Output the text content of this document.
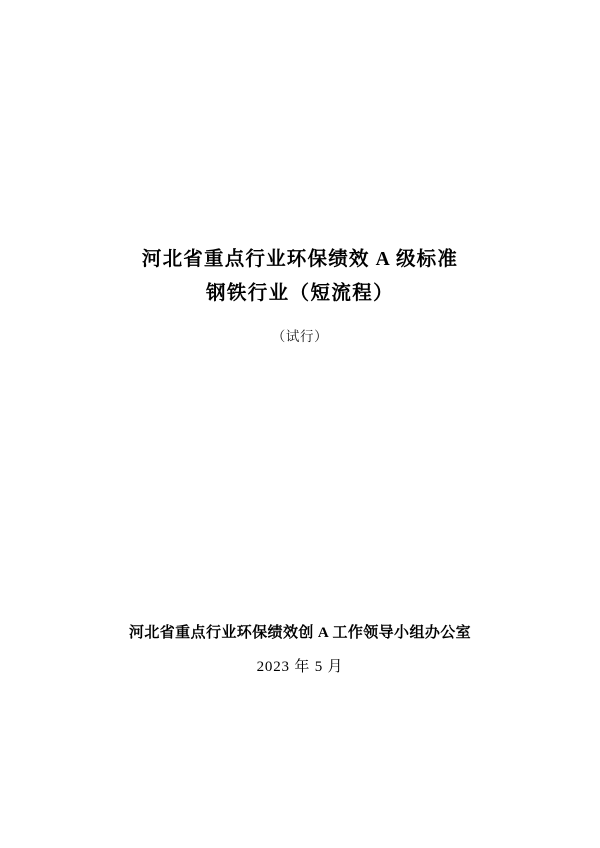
河北省重点行业环保绩效 A 级标准
钢铁行业（短流程）
（试行）
河北省重点行业环保绩效创 A 工作领导小组办公室
2023 年 5 月
